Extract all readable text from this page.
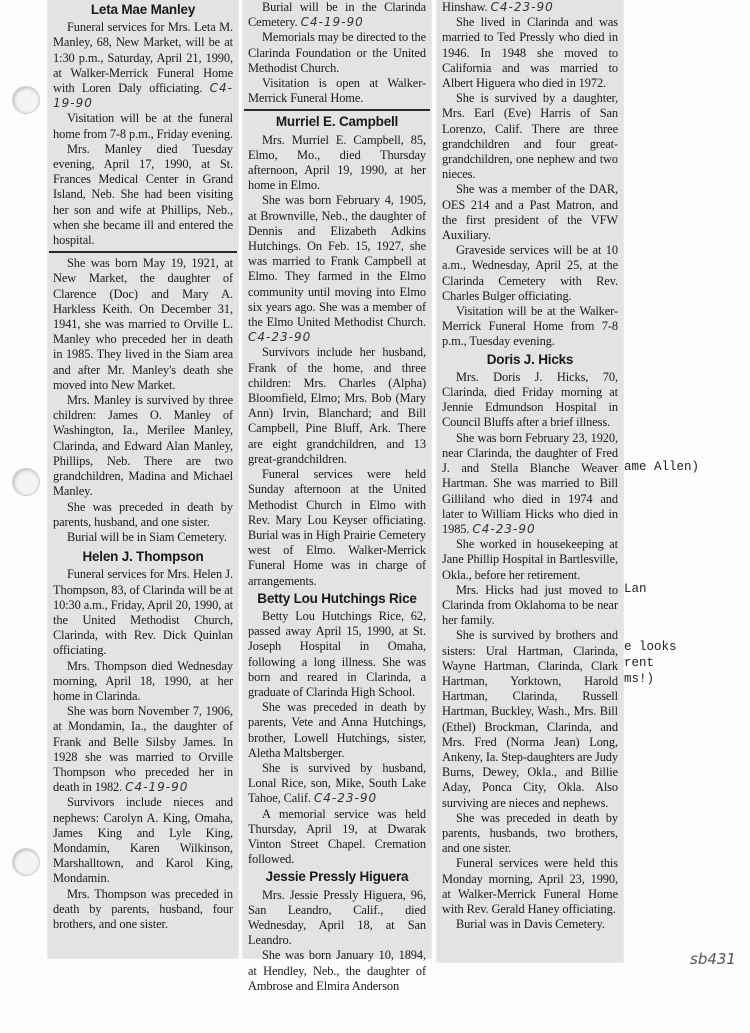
Leta Mae Manley

Funeral services for Mrs. Leta M. Manley, 68, New Market, will be at 1:30 p.m., Saturday, April 21, 1990, at Walker-Merrick Funeral Home with Loren Daly officiating. C4-19-90

Visitation will be at the funeral home from 7-8 p.m., Friday evening.

Mrs. Manley died Tuesday evening, April 17, 1990, at St. Frances Medical Center in Grand Island, Neb. She had been visiting her son and wife at Phillips, Neb., when she became ill and entered the hospital.

She was born May 19, 1921, at New Market, the daughter of Clarence (Doc) and Mary A. Harkless Keith. On December 31, 1941, she was married to Orville L. Manley who preceded her in death in 1985. They lived in the Siam area and after Mr. Manley's death she moved into New Market.

Mrs. Manley is survived by three children: James O. Manley of Washington, Ia., Merilee Manley, Clarinda, and Edward Alan Manley, Phillips, Neb. There are two grandchildren, Madina and Michael Manley.

She was preceded in death by parents, husband, and one sister.

Burial will be in Siam Cemetery.

Helen J. Thompson

Funeral services for Mrs. Helen J. Thompson, 83, of Clarinda will be at 10:30 a.m., Friday, April 20, 1990, at the United Methodist Church, Clarinda, with Rev. Dick Quinlan officiating.

Mrs. Thompson died Wednesday morning, April 18, 1990, at her home in Clarinda.

She was born November 7, 1906, at Mondamin, Ia., the daughter of Frank and Belle Silsby James. In 1928 she was married to Orville Thompson who preceded her in death in 1982. C4-19-90

Survivors include nieces and nephews: Carolyn A. King, Omaha, James King and Lyle King, Mondamin, Karen Wilkinson, Marshalltown, and Karol King, Mondamin.

Mrs. Thompson was preceded in death by parents, husband, four brothers, and one sister.

Burial will be in the Clarinda Cemetery. C4-19-90

Memorials may be directed to the Clarinda Foundation or the United Methodist Church.

Visitation is open at Walker-Merrick Funeral Home.

Murriel E. Campbell

Mrs. Murriel E. Campbell, 85, Elmo, Mo., died Thursday afternoon, April 19, 1990, at her home in Elmo.

She was born February 4, 1905, at Brownville, Neb., the daughter of Dennis and Elizabeth Adkins Hutchings. On Feb. 15, 1927, she was married to Frank Campbell at Elmo. They farmed in the Elmo community until moving into Elmo six years ago. She was a member of the Elmo United Methodist Church. C4-23-90

Survivors include her husband, Frank of the home, and three children: Mrs. Charles (Alpha) Bloomfield, Elmo; Mrs. Bob (Mary Ann) Irvin, Blanchard; and Bill Campbell, Pine Bluff, Ark. There are eight grandchildren, and 13 great-grandchildren.

Funeral services were held Sunday afternoon at the United Methodist Church in Elmo with Rev. Mary Lou Keyser officiating. Burial was in High Prairie Cemetery west of Elmo. Walker-Merrick Funeral Home was in charge of arrangements.

Betty Lou Hutchings Rice

Betty Lou Hutchings Rice, 62, passed away April 15, 1990, at St. Joseph Hospital in Omaha, following a long illness. She was born and reared in Clarinda, a graduate of Clarinda High School.

She was preceded in death by parents, Vete and Anna Hutchings, brother, Lowell Hutchings, sister, Aletha Maltsberger.

She is survived by husband, Lonal Rice, son, Mike, South Lake Tahoe, Calif. C4-23-90

A memorial service was held Thursday, April 19, at Dwarak Vinton Street Chapel. Cremation followed.

Jessie Pressly Higuera

Mrs. Jessie Pressly Higuera, 96, San Leandro, Calif., died Wednesday, April 18, at San Leandro.

She was born January 10, 1894, at Hendley, Neb., the daughter of Ambrose and Elmira Anderson

Hinshaw. C4-23-90

She lived in Clarinda and was married to Ted Pressly who died in 1946. In 1948 she moved to California and was married to Albert Higuera who died in 1972.

She is survived by a daughter, Mrs. Earl (Eve) Harris of San Lorenzo, Calif. There are three grandchildren and four great-grandchildren, one nephew and two nieces.

She was a member of the DAR, OES 214 and a Past Matron, and the first president of the VFW Auxiliary.

Graveside services will be at 10 a.m., Wednesday, April 25, at the Clarinda Cemetery with Rev. Charles Bulger officiating.

Visitation will be at the Walker-Merrick Funeral Home from 7-8 p.m., Tuesday evening.

Doris J. Hicks

Mrs. Doris J. Hicks, 70, Clarinda, died Friday morning at Jennie Edmundson Hospital in Council Bluffs after a brief illness.

She was born February 23, 1920, near Clarinda, the daughter of Fred J. and Stella Blanche Weaver Hartman. She was married to Bill Gilliland who died in 1974 and later to William Hicks who died in 1985. C4-23-90

She worked in housekeeping at Jane Phillip Hospital in Bartlesville, Okla., before her retirement.

Mrs. Hicks had just moved to Clarinda from Oklahoma to be near her family.

She is survived by brothers and sisters: Ural Hartman, Clarinda, Wayne Hartman, Clarinda, Clark Hartman, Yorktown, Harold Hartman, Clarinda, Russell Hartman, Buckley, Wash., Mrs. Bill (Ethel) Brockman, Clarinda, and Mrs. Fred (Norma Jean) Long, Ankeny, Ia. Step-daughters are Judy Burns, Dewey, Okla., and Billie Aday, Ponca City, Okla. Also surviving are nieces and nephews.

She was preceded in death by parents, husbands, two brothers, and one sister.

Funeral services were held this Monday morning, April 23, 1990, at Walker-Merrick Funeral Home with Rev. Gerald Haney officiating.

Burial was in Davis Cemetery.

ame Allen)
Lan
e looks
rent
ms!)
sb431
